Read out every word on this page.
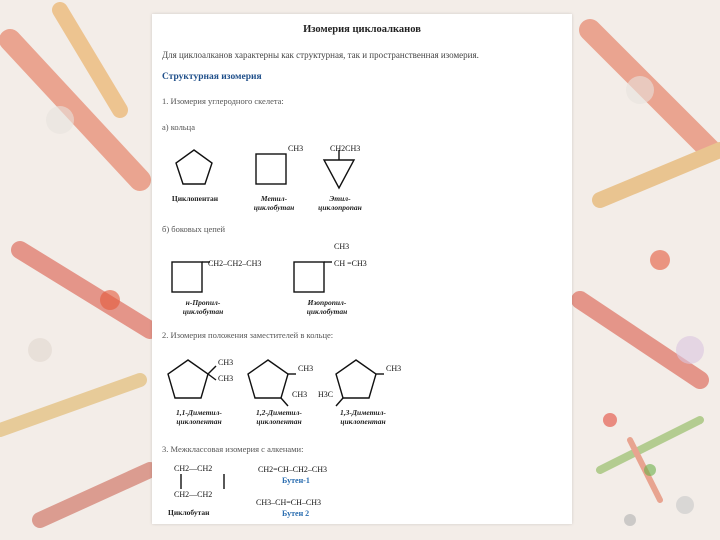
Изомерия циклоалканов
Для циклоалканов характерны как структурная, так и пространственная изомерия.
Структурная изомерия
1. Изомерия углеродного скелета:
а) кольца
Циклопентан
CH3
Метил-
циклобутан
CH2CH3
Этил-
циклопропан
б) боковых цепей
CH2–CH2–CH3
н-Пропил-
циклобутан
CH3
CH =CH3
Изопропил-
циклобутан
2. Изомерия положения заместителей в кольце:
CH3
CH3
1,1-Диметил-
циклопентан
CH3
CH3
1,2-Диметил-
циклопентан
CH3
H3C
1,3-Диметил-
циклопентан
3. Межклассовая изомерия с алкенами:
CH2—CH2
CH2—CH2
Циклобутан
CH2=CH–CH2–CH3
Бутен-1
CH3–CH=CH–CH3
Бутен 2
